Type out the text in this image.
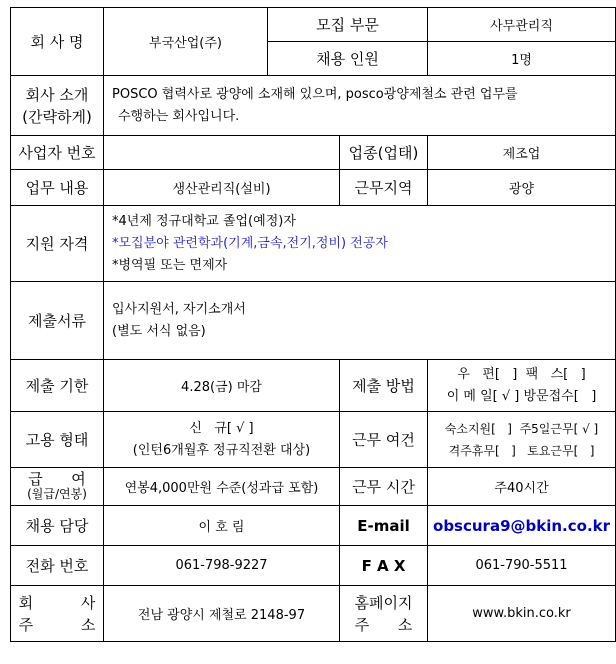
회 사 명	부국산업(주)	모집 부문		사무관리직
		채용 인원		1명

회사 소개
(간략하게)	POSCO 협력사로 광양에 소재해 있으며, posco광양제철소 관련 업무를
수행하는 회사입니다.			

사업자 번호			업종(업태)	제조업
업무 내용	생산관리직(설비)		근무지역	광양
지원 자격	*4년제 정규대학교 졸업(예정)자
*모집분야 관련학과(기계,금속,전기,정비) 전공자
*병역필 또는 면제자			

제출서류	입사지원서, 자기소개서
(별도 서식 없음)			

제출 기한	4.28(금) 마감		제출 방법	우   편[   ]  팩   스[   ]
이 메 일[ √ ] 방문접수[   ]

고용 형태	신   규[ √ ]
(인턴6개월후 정규직전환 대상)		근무 여건	숙소지원[   ]  주5일근무[ √ ]
격주휴무[   ]   토요근무[   ]

급      여
(월급/연봉)	연봉4,000만원 수준(성과급 포함)		근무 시간	주40시간
채용 담당	이 호 림		E-mail	obscura9@bkin.co.kr
전화 번호	061-798-9227		F A X	061-790-5511

회          사
주          소	전남 광양시 제철로 2148-97		홈페이지
주      소	www.bkin.co.kr
